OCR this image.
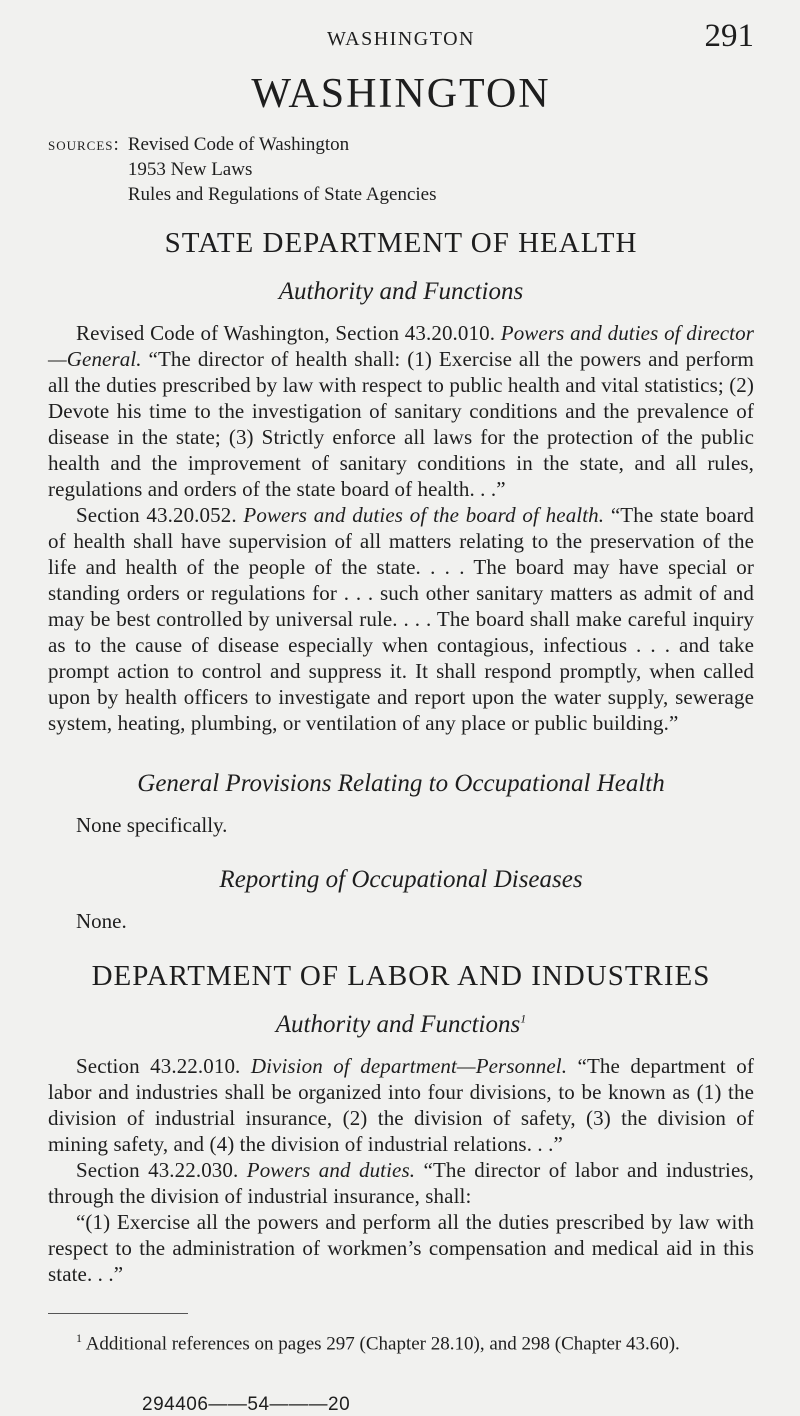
WASHINGTON	291
WASHINGTON
sources: Revised Code of Washington
1953 New Laws
Rules and Regulations of State Agencies
STATE DEPARTMENT OF HEALTH
Authority and Functions

Revised Code of Washington, Section 43.20.010. Powers and duties of director—General. “The director of health shall: (1) Exercise all the powers and perform all the duties prescribed by law with respect to public health and vital statistics; (2) Devote his time to the investigation of sanitary conditions and the prevalence of disease in the state; (3) Strictly enforce all laws for the protection of the public health and the improvement of sanitary conditions in the state, and all rules, regulations and orders of the state board of health. . .”

Section 43.20.052. Powers and duties of the board of health. “The state board of health shall have supervision of all matters relating to the preservation of the life and health of the people of the state. . . . The board may have special or standing orders or regulations for . . . such other sanitary matters as admit of and may be best controlled by universal rule. . . . The board shall make careful inquiry as to the cause of disease especially when contagious, infectious . . . and take prompt action to control and suppress it. It shall respond promptly, when called upon by health officers to investigate and report upon the water supply, sewerage system, heating, plumbing, or ventilation of any place or public building.”

General Provisions Relating to Occupational Health

None specifically.

Reporting of Occupational Diseases

None.

DEPARTMENT OF LABOR AND INDUSTRIES
Authority and Functions$^1$

Section 43.22.010. Division of department—Personnel. “The department of labor and industries shall be organized into four divisions, to be known as (1) the division of industrial insurance, (2) the division of safety, (3) the division of mining safety, and (4) the division of industrial relations. . .”

Section 43.22.030. Powers and duties. “The director of labor and industries, through the division of industrial insurance, shall:

“(1) Exercise all the powers and perform all the duties prescribed by law with respect to the administration of workmen’s compensation and medical aid in this state. . .”

$^1$ Additional references on pages 297 (Chapter 28.10), and 298 (Chapter 43.60).

294406——54———20
